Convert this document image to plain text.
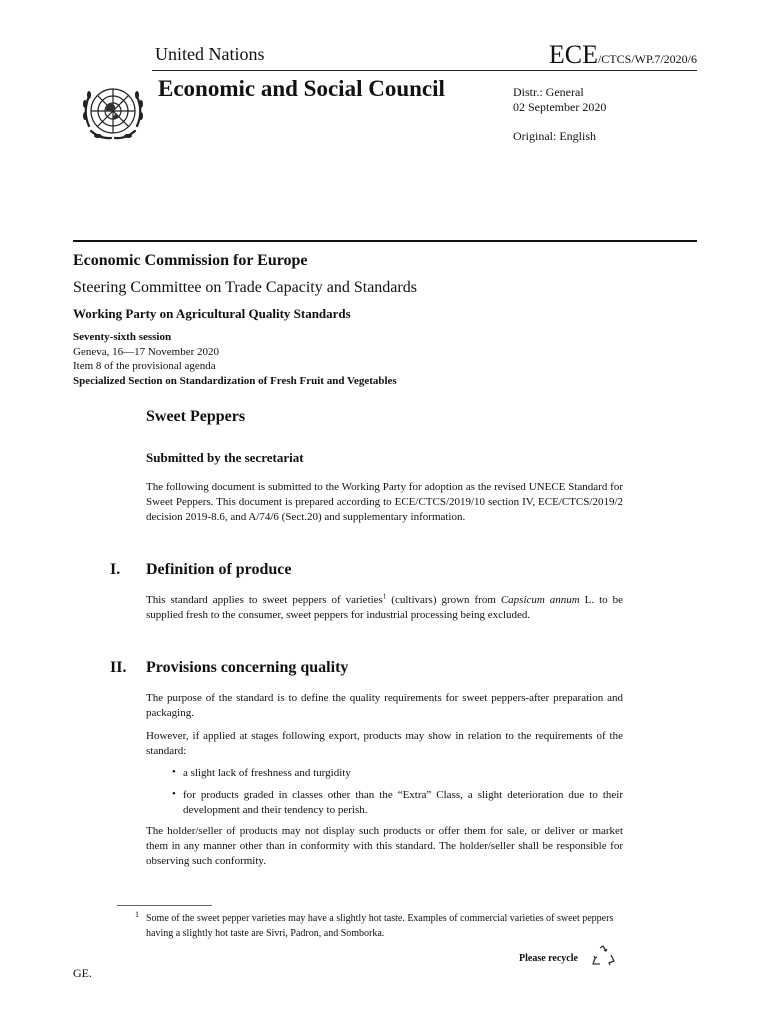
United Nations	ECE/CTCS/WP.7/2020/6
Economic and Social Council	Distr.: General
02 September 2020
Original: English
Economic Commission for Europe
Steering Committee on Trade Capacity and Standards
Working Party on Agricultural Quality Standards
Seventy-sixth session
Geneva, 16—17 November 2020
Item 8 of the provisional agenda
Specialized Section on Standardization of Fresh Fruit and Vegetables
Sweet Peppers
Submitted by the secretariat
The following document is submitted to the Working Party for adoption as the revised UNECE Standard for Sweet Peppers. This document is prepared according to ECE/CTCS/2019/10 section IV, ECE/CTCS/2019/2 decision 2019-8.6, and A/74/6 (Sect.20) and supplementary information.
I. Definition of produce
This standard applies to sweet peppers of varieties$^1$ (cultivars) grown from Capsicum annum L. to be supplied fresh to the consumer, sweet peppers for industrial processing being excluded.
II. Provisions concerning quality
The purpose of the standard is to define the quality requirements for sweet peppers-after preparation and packaging.
However, if applied at stages following export, products may show in relation to the requirements of the standard:
• a slight lack of freshness and turgidity
• for products graded in classes other than the “Extra” Class, a slight deterioration due to their development and their tendency to perish.
The holder/seller of products may not display such products or offer them for sale, or deliver or market them in any manner other than in conformity with this standard. The holder/seller shall be responsible for observing such conformity.
1 Some of the sweet pepper varieties may have a slightly hot taste. Examples of commercial varieties of sweet peppers having a slightly hot taste are Sivri, Padron, and Somborka.
GE.
Please recycle
